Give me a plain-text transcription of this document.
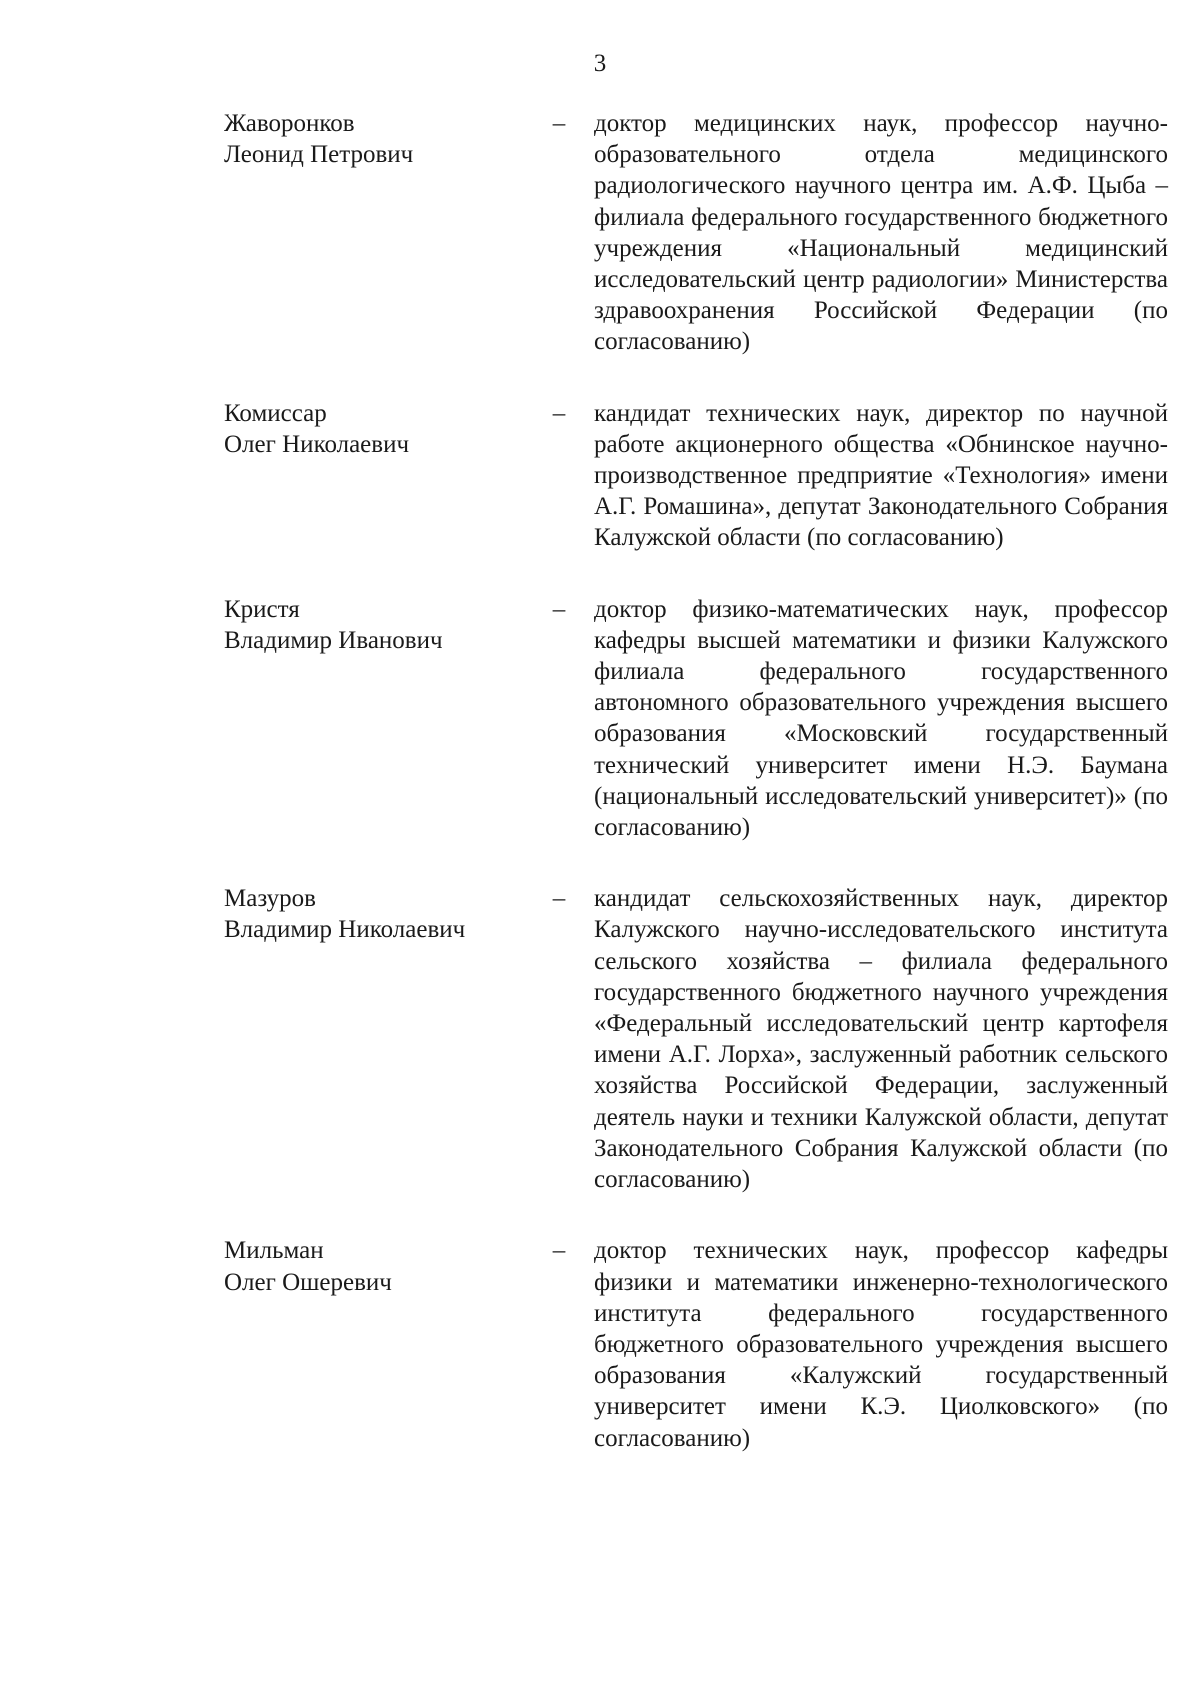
3
Жаворонков
Леонид Петрович
–	доктор медицинских наук, профессор научно-образовательного отдела медицинского радиологического научного центра им. А.Ф. Цыба – филиала федерального государственного бюджетного учреждения «Национальный медицинский исследовательский центр радиологии» Министерства здравоохранения Российской Федерации (по согласованию)
Комиссар
Олег Николаевич
–	кандидат технических наук, директор по научной работе акционерного общества «Обнинское научно-производственное предприятие «Технология» имени А.Г. Ромашина», депутат Законодательного Собрания Калужской области (по согласованию)
Кристя
Владимир Иванович
–	доктор физико-математических наук, профессор кафедры высшей математики и физики Калужского филиала федерального государственного автономного образовательного учреждения высшего образования «Московский государственный технический университет имени Н.Э. Баумана (национальный исследовательский университет)» (по согласованию)
Мазуров
Владимир Николаевич
–	кандидат сельскохозяйственных наук, директор Калужского научно-исследовательского института сельского хозяйства – филиала федерального государственного бюджетного научного учреждения «Федеральный исследовательский центр картофеля имени А.Г. Лорха», заслуженный работник сельского хозяйства Российской Федерации, заслуженный деятель науки и техники Калужской области, депутат Законодательного Собрания Калужской области (по согласованию)
Мильман
Олег Ошеревич
–	доктор технических наук, профессор кафедры физики и математики инженерно-технологического института федерального государственного бюджетного образовательного учреждения высшего образования «Калужский государственный университет имени К.Э. Циолковского» (по согласованию)
